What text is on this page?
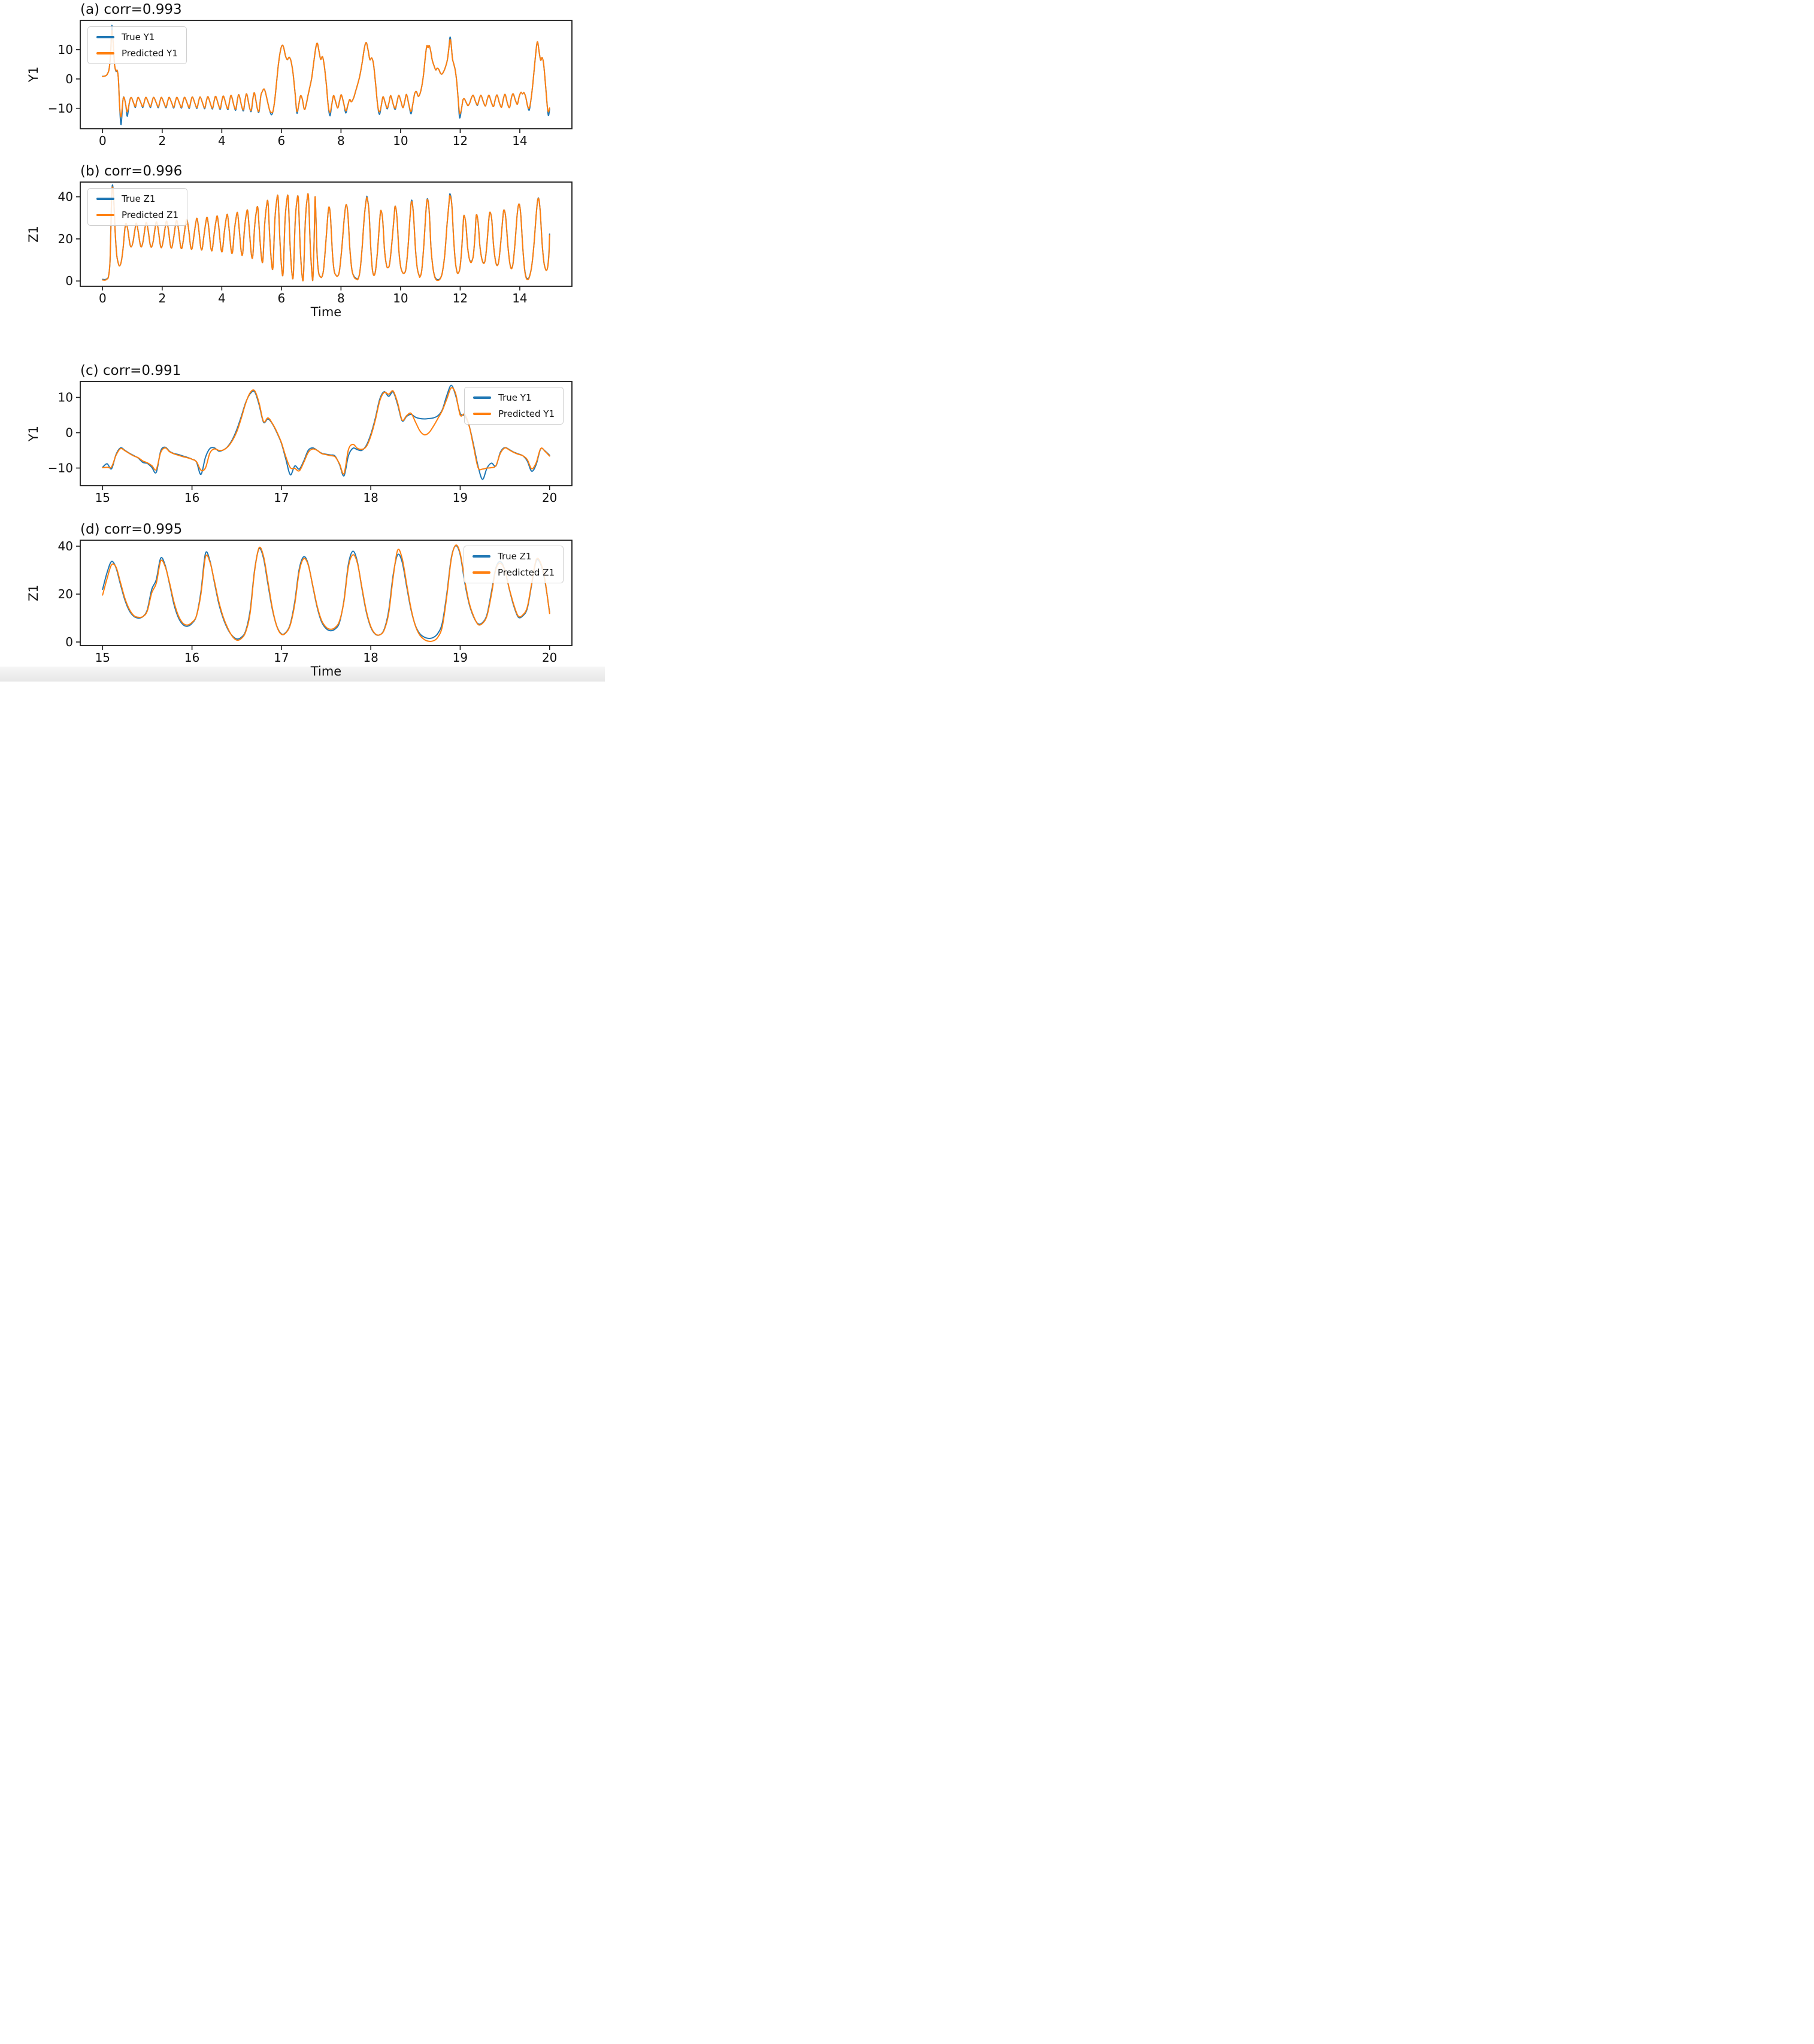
0	2	4	6	8	10	12	14
10
0
−10
0	2	4	6	8	10	12	14
0
20
40
15	16	17	18	19	20
10
0
−10
15	16	17	18	19	20
0
20
40
(a) corr=0.993
(b) corr=0.996
(c) corr=0.991
(d) corr=0.995
Y1
Z1
Y1
Z1
Time
Time
True Y1
Predicted Y1
True Z1
Predicted Z1
True Y1
Predicted Y1
True Z1
Predicted Z1
